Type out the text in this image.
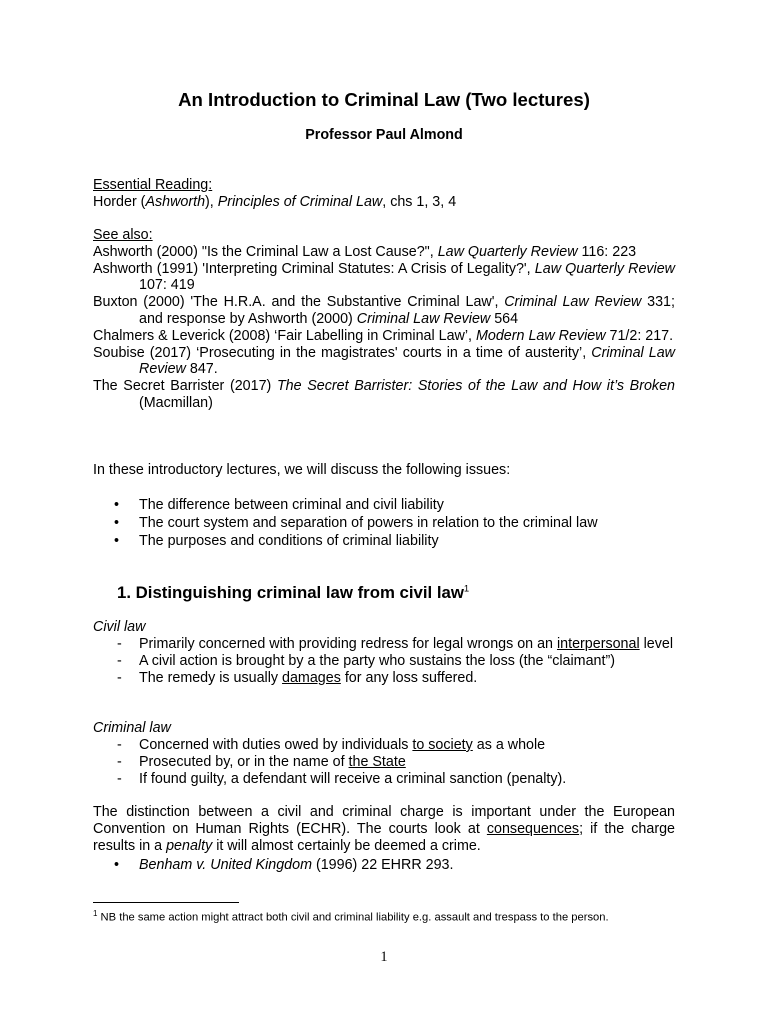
An Introduction to Criminal Law (Two lectures)
Professor Paul Almond
Essential Reading:
Horder (Ashworth), Principles of Criminal Law, chs 1, 3, 4
See also:
Ashworth (2000) "Is the Criminal Law a Lost Cause?", Law Quarterly Review 116: 223
Ashworth (1991) 'Interpreting Criminal Statutes: A Crisis of Legality?', Law Quarterly Review 107: 419
Buxton (2000) 'The H.R.A. and the Substantive Criminal Law', Criminal Law Review 331; and response by Ashworth (2000) Criminal Law Review 564
Chalmers & Leverick (2008) ‘Fair Labelling in Criminal Law’, Modern Law Review 71/2: 217.
Soubise (2017) ‘Prosecuting in the magistrates' courts in a time of austerity’, Criminal Law Review 847.
The Secret Barrister (2017) The Secret Barrister: Stories of the Law and How it’s Broken (Macmillan)
In these introductory lectures, we will discuss the following issues:
• The difference between criminal and civil liability
• The court system and separation of powers in relation to the criminal law
• The purposes and conditions of criminal liability
1. Distinguishing criminal law from civil law$^1$
Civil law
- Primarily concerned with providing redress for legal wrongs on an interpersonal level
- A civil action is brought by a the party who sustains the loss (the “claimant”)
- The remedy is usually damages for any loss suffered.
Criminal law
- Concerned with duties owed by individuals to society as a whole
- Prosecuted by, or in the name of the State
- If found guilty, a defendant will receive a criminal sanction (penalty).
The distinction between a civil and criminal charge is important under the European Convention on Human Rights (ECHR). The courts look at consequences; if the charge results in a penalty it will almost certainly be deemed a crime.
• Benham v. United Kingdom (1996) 22 EHRR 293.
$^1$ NB the same action might attract both civil and criminal liability e.g. assault and trespass to the person.
1
